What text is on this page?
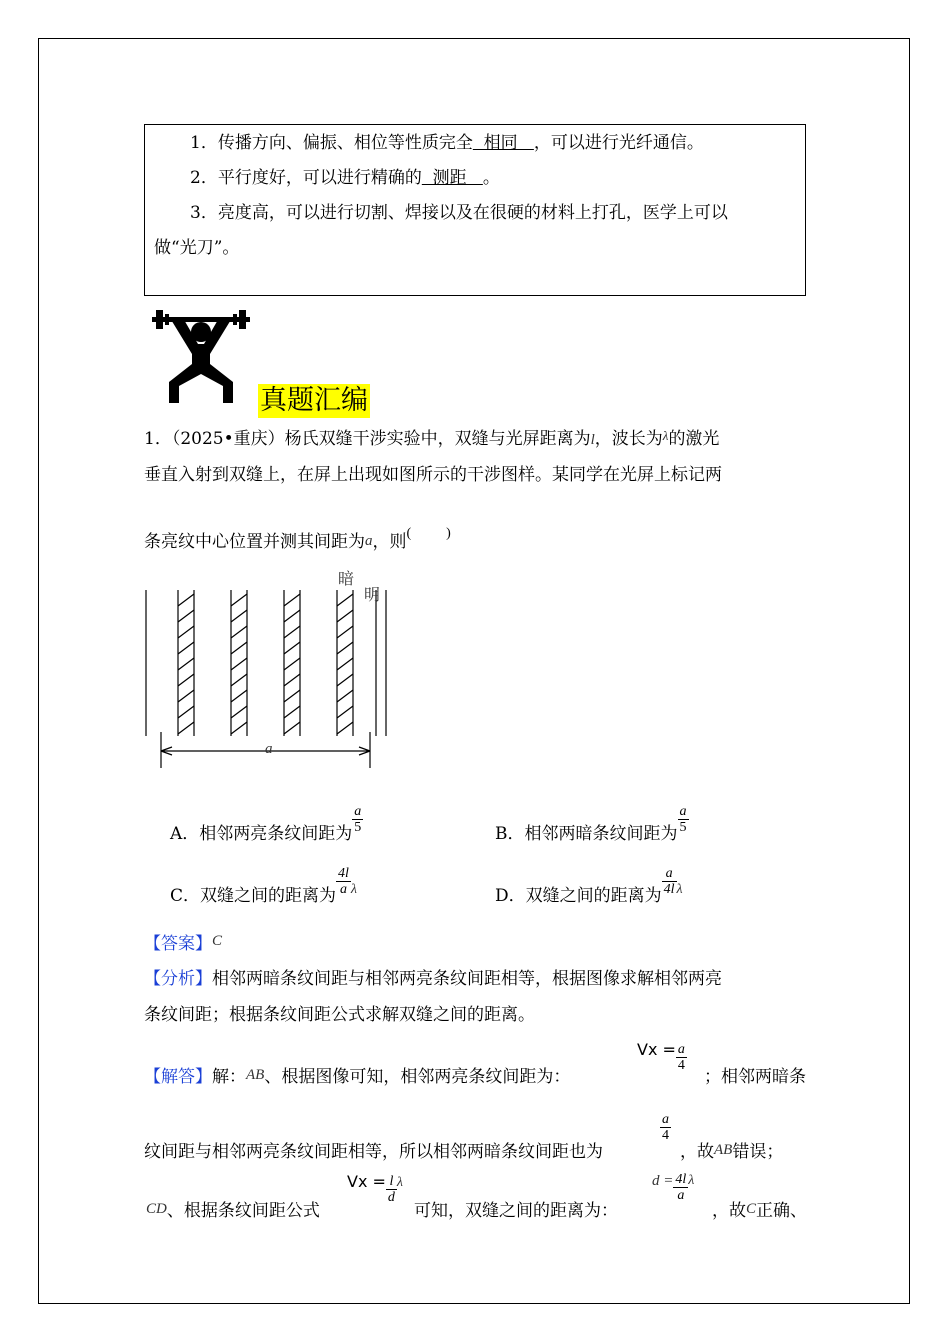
1．传播方向、偏振、相位等性质完全  相同   ，可以进行光纤通信。
2．平行度好，可以进行精确的  测距   。
3．亮度高，可以进行切割、焊接以及在很硬的材料上打孔，医学上可以
做“光刀”。
真题汇编
1．（2025•重庆）杨氏双缝干涉实验中，双缝与光屏距离为l，波长为$^\lambda$的激光
垂直入射到双缝上，在屏上出现如图所示的干涉图样。某同学在光屏上标记两
条亮纹中心位置并测其间距为a，则(          )
暗
明
a
A．相邻两亮条纹间距为 $\frac{a}{5}$	B．相邻两暗条纹间距为 $\frac{a}{5}$
C．双缝之间的距离为 $\frac{4l}{a} ^\lambda$	D．双缝之间的距离为 $\frac{a}{4l} ^\lambda$
【答案】C
【分析】相邻两暗条纹间距与相邻两亮条纹间距相等，根据图像求解相邻两亮
条纹间距；根据条纹间距公式求解双缝之间的距离。
【解答】解：AB、根据图像可知，相邻两亮条纹间距为：
$Vx = \frac{a}{4}$
；相邻两暗条
纹间距与相邻两亮条纹间距相等，所以相邻两暗条纹间距也为
$\frac{a}{4}$
，故AB错误；
CD、根据条纹间距公式
$Vx = \frac{l}{d} ^\lambda$
可知，双缝之间的距离为：
$d = \frac{4l}{a} ^\lambda$
，故C正确、
